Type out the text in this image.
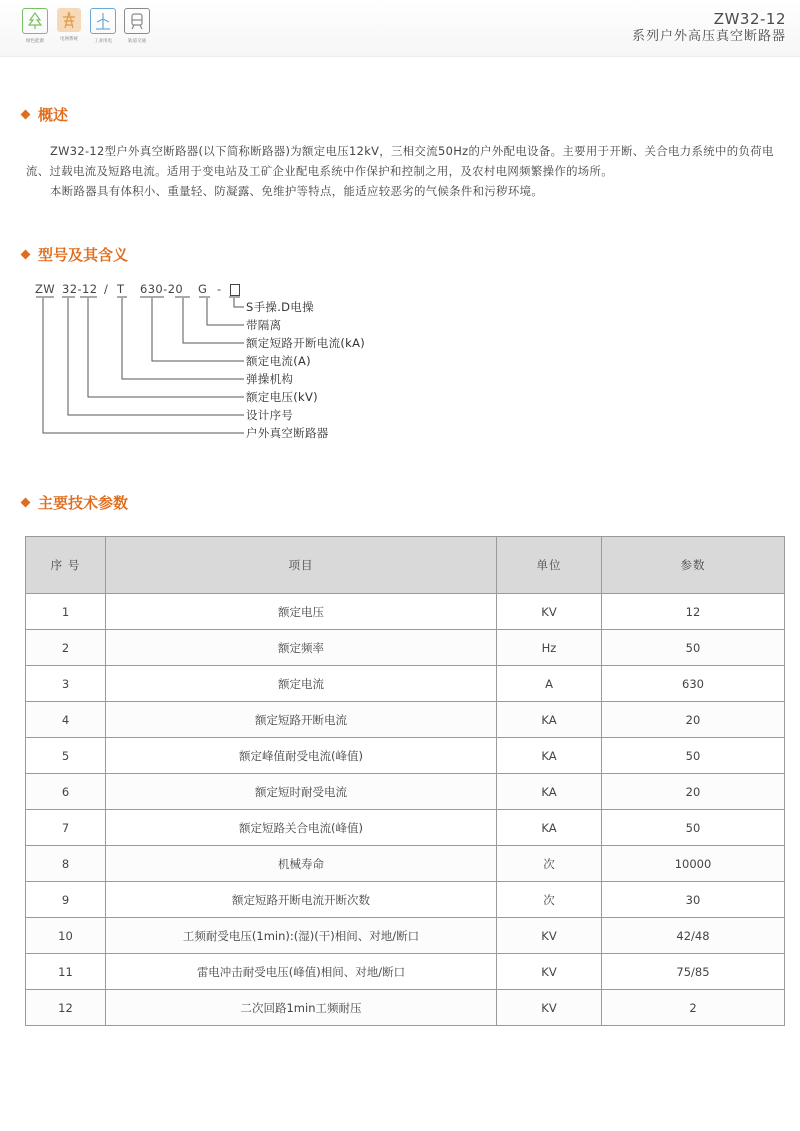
绿色能源	电网系统	工业用电	轨道交通
ZW32-12
系列户外高压真空断路器
概述

ZW32-12型户外真空断路器(以下简称断路器)为额定电压12kV，三相交流50Hz的户外配电设备。主要用于开断、关合电力系统中的负荷电流、过载电流及短路电流。适用于变电站及工矿企业配电系统中作保护和控制之用，及农村电网频繁操作的场所。

本断路器具有体积小、重量轻、防凝露、免维护等特点，能适应较恶劣的气候条件和污秽环境。

型号及其含义
ZW 32-12 / T 630-20 G -
S手操.D电操
带隔离
额定短路开断电流(kA)
额定电流(A)
弹操机构
额定电压(kV)
设计序号
户外真空断路器
主要技术参数
序 号	项目	单位	参数
1	额定电压	KV	12
2	额定频率	Hz	50
3	额定电流	A	630
4	额定短路开断电流	KA	20
5	额定峰值耐受电流(峰值)	KA	50
6	额定短时耐受电流	KA	20
7	额定短路关合电流(峰值)	KA	50
8	机械寿命	次	10000
9	额定短路开断电流开断次数	次	30
10	工频耐受电压(1min):(湿)(干)相间、对地/断口	KV	42/48
11	雷电冲击耐受电压(峰值)相间、对地/断口	KV	75/85
12	二次回路1min工频耐压	KV	2
